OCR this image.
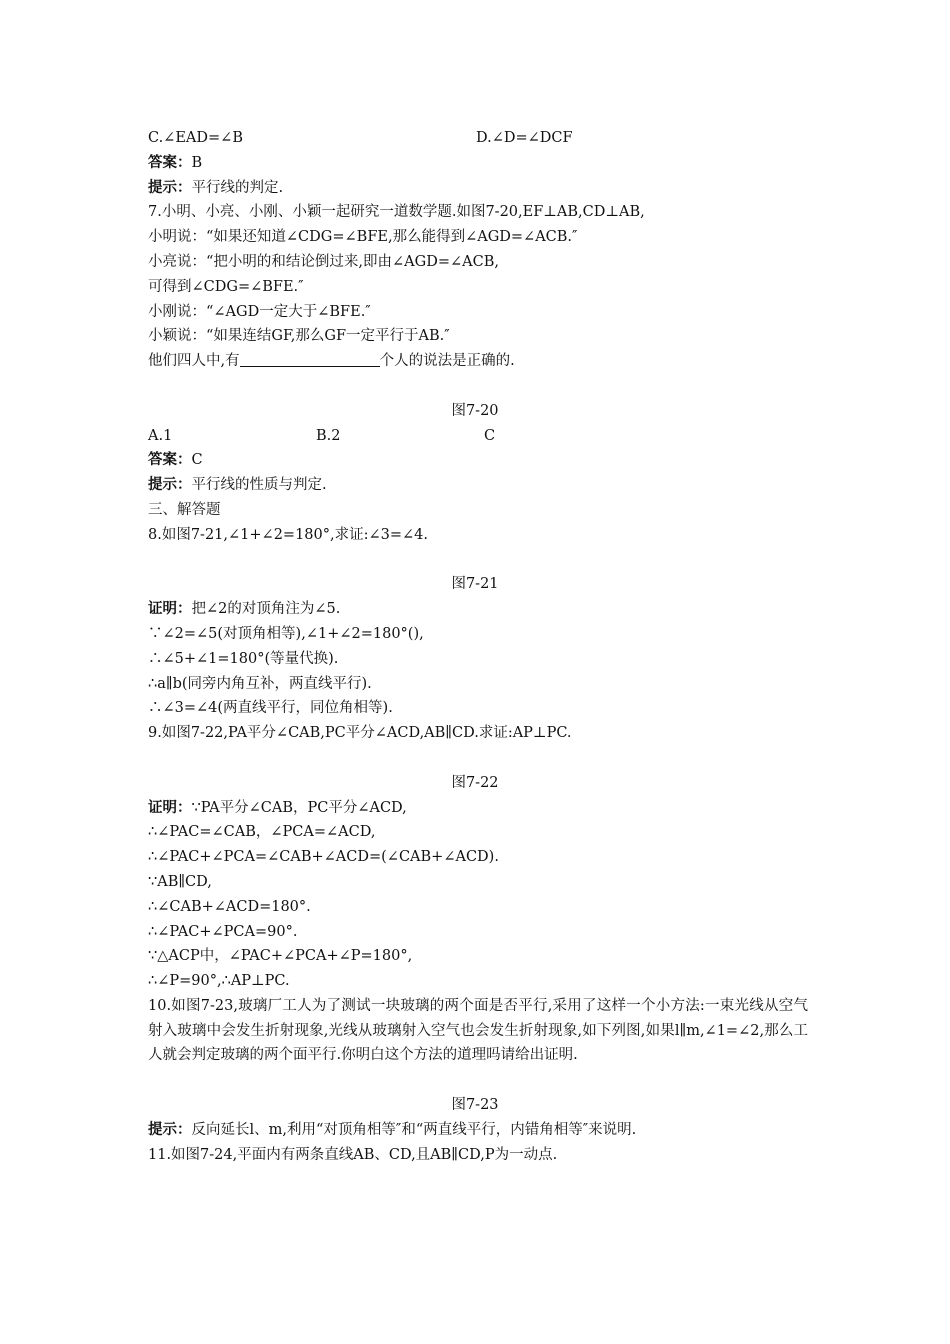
C.∠EAD=∠B	D.∠D=∠DCF
答案：B
提示：平行线的判定.
7.小明、小亮、小刚、小颖一起研究一道数学题.如图7-20,EF⊥AB,CD⊥AB,
小明说：“如果还知道∠CDG=∠BFE,那么能得到∠AGD=∠ACB.″
小亮说：“把小明的和结论倒过来,即由∠AGD=∠ACB,
可得到∠CDG=∠BFE.″
小刚说：“∠AGD一定大于∠BFE.″
小颖说：“如果连结GF,那么GF一定平行于AB.″
他们四人中,有	个人的说法是正确的.
图7-20
A.1	B.2	C
答案：C
提示：平行线的性质与判定.
三、解答题
8.如图7-21,∠1+∠2=180°,求证:∠3=∠4.
图7-21
证明：把∠2的对顶角注为∠5.
∵∠2=∠5(对顶角相等),∠1+∠2=180°(),
∴∠5+∠1=180°(等量代换).
∴a∥b(同旁内角互补，两直线平行).
∴∠3=∠4(两直线平行，同位角相等).
9.如图7-22,PA平分∠CAB,PC平分∠ACD,AB∥CD.求证:AP⊥PC.
图7-22
证明：∵PA平分∠CAB，PC平分∠ACD,
∴∠PAC=∠CAB，∠PCA=∠ACD,
∴∠PAC+∠PCA=∠CAB+∠ACD=(∠CAB+∠ACD).
∵AB∥CD,
∴∠CAB+∠ACD=180°.
∴∠PAC+∠PCA=90°.
∵△ACP中，∠PAC+∠PCA+∠P=180°,
∴∠P=90°,∴AP⊥PC.
10.如图7-23,玻璃厂工人为了测试一块玻璃的两个面是否平行,采用了这样一个小方法:一束光线从空气射入玻璃中会发生折射现象,光线从玻璃射入空气也会发生折射现象,如下列图,如果l∥m,∠1=∠2,那么工人就会判定玻璃的两个面平行.你明白这个方法的道理吗请给出证明.
图7-23
提示：反向延长l、m,利用“对顶角相等″和“两直线平行，内错角相等″来说明.
11.如图7-24,平面内有两条直线AB、CD,且AB∥CD,P为一动点.
